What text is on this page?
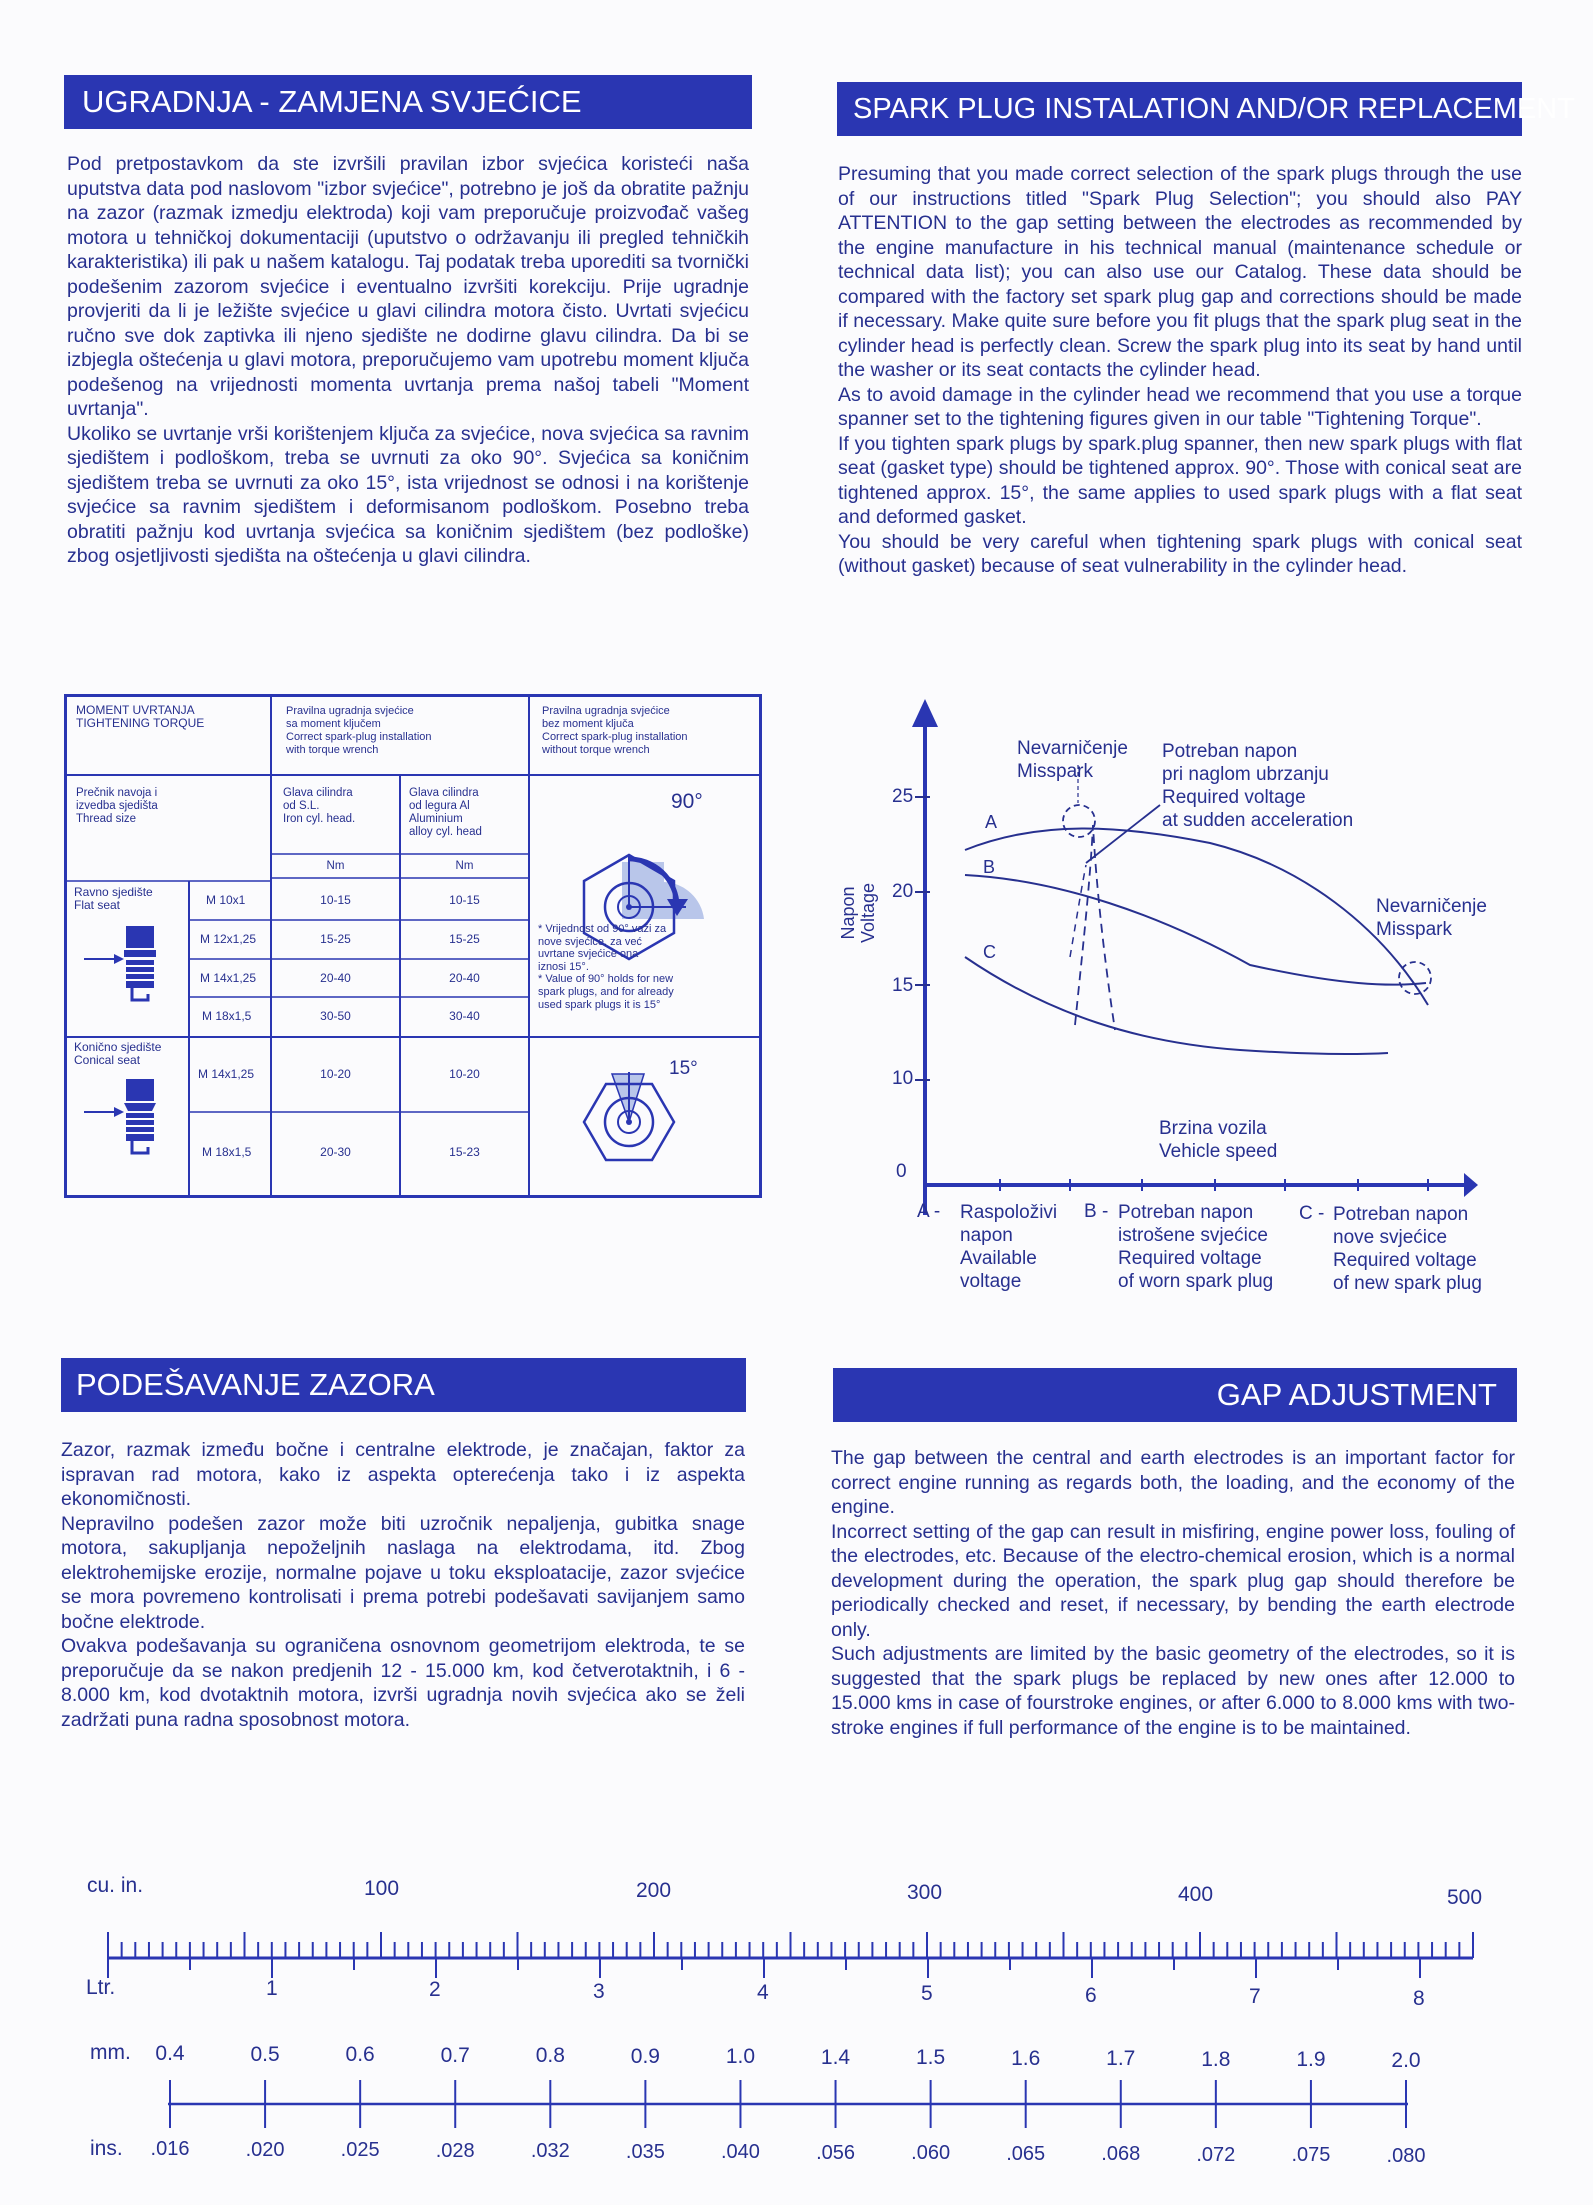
UGRADNJA - ZAMJENA SVJEĆICE

Pod pretpostavkom da ste izvršili pravilan izbor svjećica koristeći naša uputstva data pod naslovom "izbor svjećice", potrebno je još da obratite pažnju na zazor (razmak izmedju elektroda) koji vam preporučuje proizvođač vašeg motora u tehničkoj dokumentaciji (uputstvo o održavanju ili pregled tehničkih karakteristika) ili pak u našem katalogu. Taj podatak treba uporediti sa tvornički podešenim zazorom svjećice i eventualno izvršiti korekciju. Prije ugradnje provjeriti da li je ležište svjećice u glavi cilindra motora čisto. Uvrtati svjećicu ručno sve dok zaptivka ili njeno sjedište ne dodirne glavu cilindra. Da bi se izbjegla oštećenja u glavi motora, preporučujemo vam upotrebu moment ključa podešenog na vrijednosti momenta uvrtanja prema našoj tabeli "Moment uvrtanja".

Ukoliko se uvrtanje vrši korištenjem ključa za svjećice, nova svjećica sa ravnim sjedištem i podloškom, treba se uvrnuti za oko 90°. Svjećica sa koničnim sjedištem treba se uvrnuti za oko 15°, ista vrijednost se odnosi i na korištenje svjećice sa ravnim sjedištem i deformisanom podloškom. Posebno treba obratiti pažnju kod uvrtanja svjećica sa koničnim sjedištem (bez podloške) zbog osjetljivosti sjedišta na oštećenja u glavi cilindra.

SPARK PLUG INSTALATION AND/OR REPLACEMENT

Presuming that you made correct selection of the spark plugs through the use of our instructions titled "Spark Plug Selection"; you should also PAY ATTENTION to the gap setting between the electrodes as recommended by the engine manufacture in his technical manual (maintenance schedule or technical data list); you can also use our Catalog. These data should be compared with the factory set spark plug gap and corrections should be made if necessary. Make quite sure before you fit plugs that the spark plug seat in the cylinder head is perfectly clean. Screw the spark plug into its seat by hand until the washer or its seat contacts the cylinder head.

As to avoid damage in the cylinder head we recommend that you use a torque spanner set to the tightening figures given in our table "Tightening Torque".

If you tighten spark plugs by spark.plug spanner, then new spark plugs with flat seat (gasket type) should be tightened approx. 90°. Those with conical seat are tightened approx. 15°, the same applies to used spark plugs with a flat seat and deformed gasket.

You should be very careful when tightening spark plugs with conical seat (without gasket) because of seat vulnerability in the cylinder head.

MOMENT UVRTANJA
TIGHTENING TORQUE
Pravilna ugradnja svjećice
sa moment ključem
Correct spark-plug installation
with torque wrench
Pravilna ugradnja svjećice
bez moment ključa
Correct spark-plug installation
without torque wrench
Prečnik navoja i
izvedba sjedišta
Thread size
Glava cilindra
od S.L.
Iron cyl. head.
Glava cilindra
od legura Al
Aluminium
alloy cyl. head
Nm	Nm
Ravno sjedište
Flat seat	M 10x1	10-15	10-15
M 12x1,25	15-25	15-25
M 14x1,25	20-40	20-40
M 18x1,5	30-50	30-40
Konično sjedište
Conical seat
M 14x1,25	10-20	10-20
M 18x1,5	20-30	15-23
90°
15°
* Vrijednost od 90° važi za
nove svjećice, za već
uvrtane svjećice ona
iznosi 15°.
* Value of 90° holds for new
spark plugs, and for already
used spark plugs it is 15°
0
10
15
20
25
Napon Voltage
A
B
C
Nevarničenje
Misspark
Potreban napon
pri naglom ubrzanju
Required voltage
at sudden acceleration
Nevarničenje
Misspark
Brzina vozila
Vehicle speed
A - Raspoloživi
napon
Available
voltage
B - Potreban napon
istrošene svjećice
Required voltage
of worn spark plug
C - Potreban napon
nove svjećice
Required voltage
of new spark plug
PODEŠAVANJE ZAZORA

Zazor, razmak između bočne i centralne elektrode, je značajan, faktor za ispravan rad motora, kako iz aspekta opterećenja tako i iz aspekta ekonomičnosti.

Nepravilno podešen zazor može biti uzročnik nepaljenja, gubitka snage motora, sakupljanja nepoželjnih naslaga na elektrodama, itd. Zbog elektrohemijske erozije, normalne pojave u toku eksploatacije, zazor svjećice se mora povremeno kontrolisati i prema potrebi podešavati savijanjem samo bočne elektrode.

Ovakva podešavanja su ograničena osnovnom geometrijom elektroda, te se preporučuje da se nakon predjenih 12 - 15.000 km, kod četverotaktnih, i 6 - 8.000 km, kod dvotaktnih motora, izvrši ugradnja novih svjećica ako se želi zadržati puna radna sposobnost motora.

GAP ADJUSTMENT

The gap between the central and earth electrodes is an important factor for correct engine running as regards both, the loading, and the economy of the engine.

Incorrect setting of the gap can result in misfiring, engine power loss, fouling of the electrodes, etc. Because of the electro-chemical erosion, which is a normal development during the operation, the spark plug gap should therefore be periodically checked and reset, if necessary, by bending the earth electrode only.

Such adjustments are limited by the basic geometry of the electrodes, so it is suggested that the spark plugs be replaced by new ones after 12.000 to 15.000 kms in case of fourstroke engines, or after 6.000 to 8.000 kms with two-stroke engines if full performance of the engine is to be maintained.

cu. in.	100	200	300	400	500
Ltr.	1	2	3	4	5	6	7	8
mm.
ins.
0.4	0.5	0.6	0.7	0.8	0.9	1.0	1.4	1.5	1.6	1.7	1.8	1.9	2.0
.016	.020	.025	.028	.032	.035	.040	.056	.060	.065	.068	.072	.075	.080
